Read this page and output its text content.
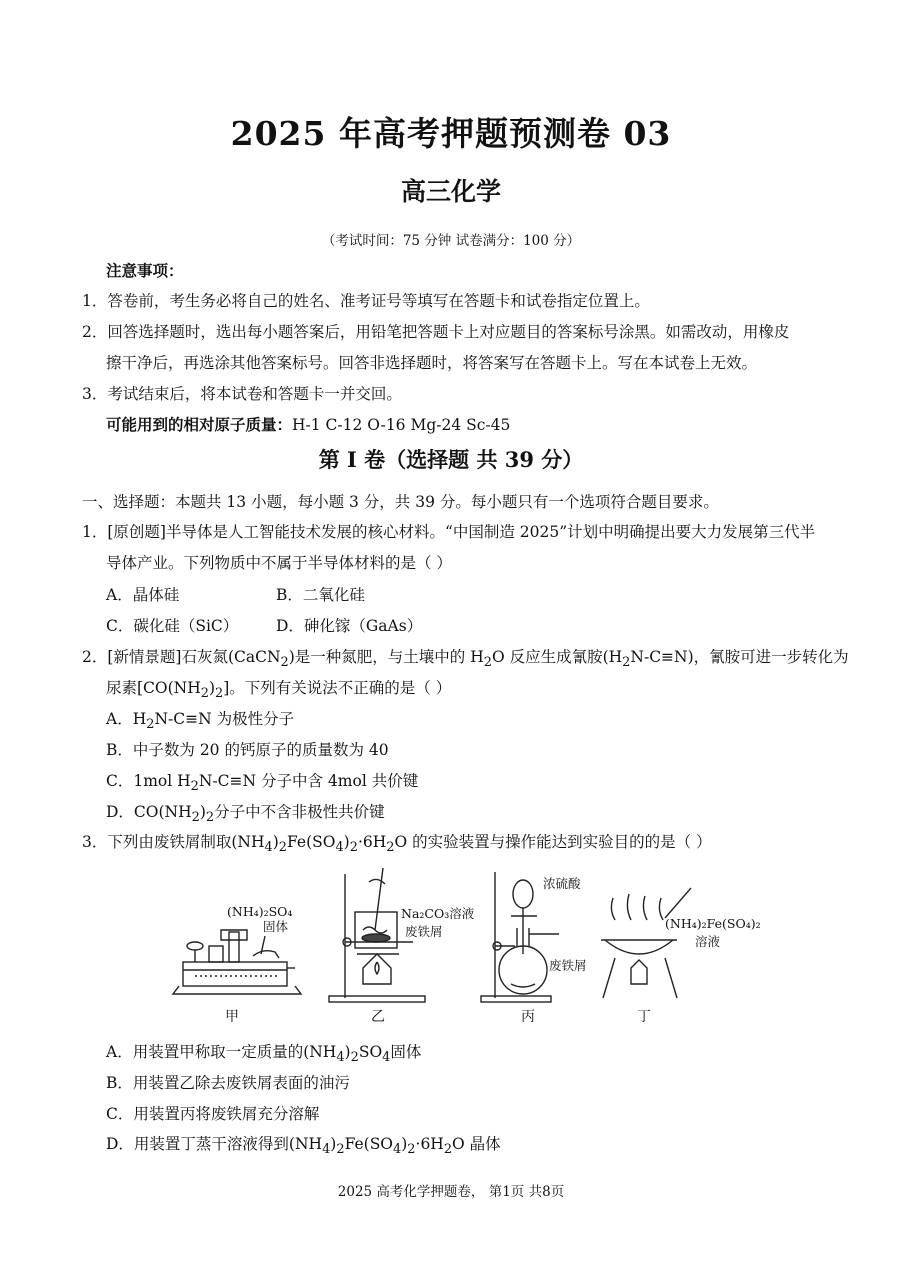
2025 年高考押题预测卷 03
高三化学
（考试时间：75 分钟 试卷满分：100 分）
注意事项：
1．答卷前，考生务必将自己的姓名、准考证号等填写在答题卡和试卷指定位置上。
2．回答选择题时，选出每小题答案后，用铅笔把答题卡上对应题目的答案标号涂黑。如需改动，用橡皮
擦干净后，再选涂其他答案标号。回答非选择题时，将答案写在答题卡上。写在本试卷上无效。
3．考试结束后，将本试卷和答题卡一并交回。
可能用到的相对原子质量：H-1 C-12 O-16 Mg-24 Sc-45
第 I 卷（选择题 共 39 分）
一、选择题：本题共 13 小题，每小题 3 分，共 39 分。每小题只有一个选项符合题目要求。
1．[原创题]半导体是人工智能技术发展的核心材料。“中国制造 2025”计划中明确提出要大力发展第三代半
导体产业。下列物质中不属于半导体材料的是（ ）
A．晶体硅	B．二氧化硅
C．碳化硅（SiC） D．砷化镓（GaAs）
2．[新情景题]石灰氮(CaCN$_2$)是一种氮肥，与土壤中的 $H_2O$ 反应生成氰胺$(H_2N-C\equiv N)$，氰胺可进一步转化为
尿素$[CO(NH_2)_2]$。下列有关说法不正确的是（ ）
A．$H_2N-C\equiv N$ 为极性分子
B．中子数为 20 的钙原子的质量数为 40
C．1mol $H_2N-C\equiv N$ 分子中含 4mol 共价键
D．$CO(NH_2)_2$分子中不含非极性共价键
3．下列由废铁屑制取$(NH_4)_2Fe(SO_4)_2\cdot 6H_2O$ 的实验装置与操作能达到实验目的的是（ ）
(NH₄)₂SO₄
固体
Na₂CO₃溶液
废铁屑
浓硫酸
废铁屑
(NH₄)₂Fe(SO₄)₂
溶液
甲	乙	丙	丁
A．用装置甲称取一定质量的$(NH_4)_2SO_4$固体
B．用装置乙除去废铁屑表面的油污
C．用装置丙将废铁屑充分溶解
D．用装置丁蒸干溶液得到$(NH_4)_2Fe(SO_4)_2\cdot 6H_2O$ 晶体
2025 高考化学押题卷， 第1页 共8页
